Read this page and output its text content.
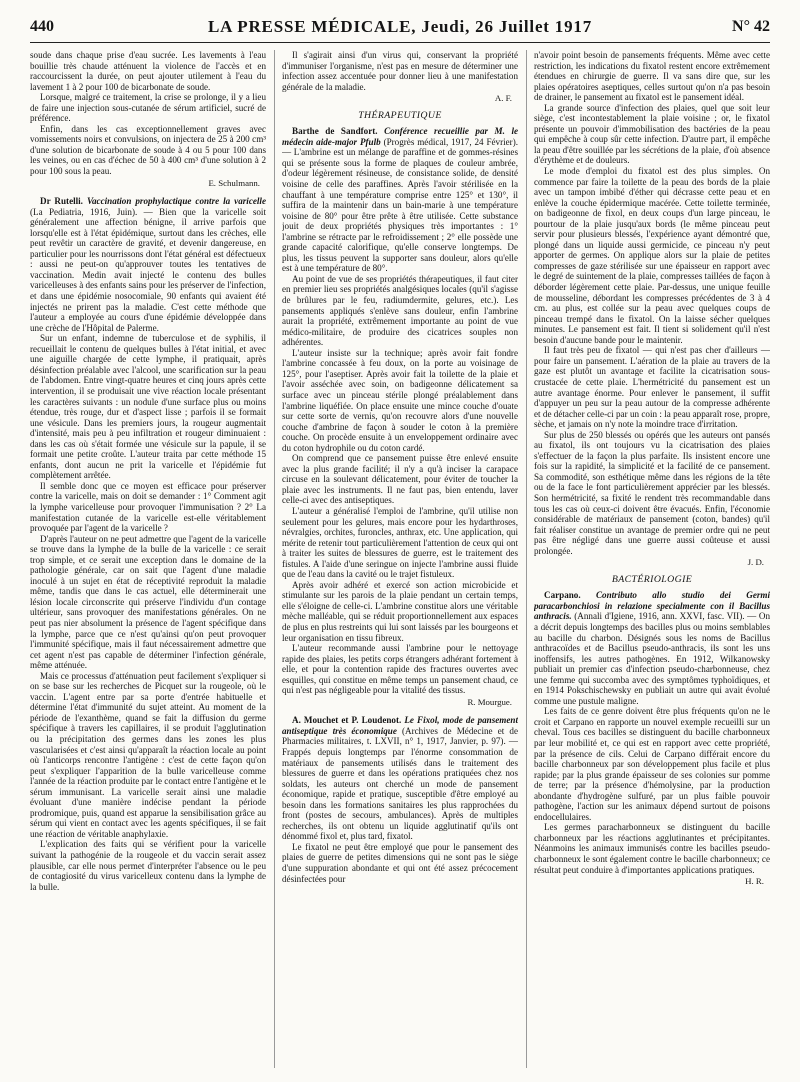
440	LA PRESSE MÉDICALE, Jeudi, 26 Juillet 1917	N° 42

soude dans chaque prise d'eau sucrée. Les lavements à l'eau bouillie très chaude atténuent la violence de l'accès et en raccourcissent la durée, on peut ajouter utilement à l'eau du lavement 1 à 2 pour 100 de bicarbonate de soude.

Lorsque, malgré ce traitement, la crise se prolonge, il y a lieu de faire une injection sous-cutanée de sérum artificiel, sucré de préférence.

Enfin, dans les cas exceptionnellement graves avec vomissements noirs et convulsions, on injectera de 25 à 200 cm³ d'une solution de bicarbonate de soude à 4 ou 5 pour 100 dans les veines, ou en cas d'échec de 50 à 400 cm³ d'une solution à 2 pour 100 sous la peau.

E. Schulmann.

Dr Rutelli. Vaccination prophylactique contre la varicelle (La Pediatria, 1916, Juin). — Bien que la varicelle soit généralement une affection bénigne, il arrive parfois que lorsqu'elle est à l'état épidémique, surtout dans les crèches, elle peut revêtir un caractère de gravité, et devenir dangereuse, en particulier pour les nourrissons dont l'état général est défectueux : aussi ne peut-on qu'approuver toutes les tentatives de vaccination. Medin avait injecté le contenu des bulles varicelleuses à des enfants sains pour les préserver de l'infection, et dans une épidémie nosocomiale, 90 enfants qui avaient été injectés ne prirent pas la maladie. C'est cette méthode que l'auteur a employée au cours d'une épidémie développée dans une crèche de l'Hôpital de Palerme.

Sur un enfant, indemne de tuberculose et de syphilis, il recueillait le contenu de quelques bulles à l'état initial, et avec une aiguille chargée de cette lymphe, il pratiquait, après désinfection préalable avec l'alcool, une scarification sur la peau de l'abdomen. Entre vingt-quatre heures et cinq jours après cette intervention, il se produisait une vive réaction locale présentant les caractères suivants : un nodule d'une surface plus ou moins étendue, très rouge, dur et d'aspect lisse ; parfois il se formait une vésicule. Dans les premiers jours, la rougeur augmentait d'intensité, mais peu à peu infiltration et rougeur diminuaient : dans les cas où s'était formée une vésicule sur la papule, il se formait une petite croûte. L'auteur traita par cette méthode 15 enfants, dont aucun ne prit la varicelle et l'épidémie fut complètement arrêtée.

Il semble donc que ce moyen est efficace pour préserver contre la varicelle, mais on doit se demander : 1° Comment agit la lymphe varicelleuse pour provoquer l'immunisation ? 2° La manifestation cutanée de la varicelle est-elle véritablement provoquée par l'agent de la varicelle ?

D'après l'auteur on ne peut admettre que l'agent de la varicelle se trouve dans la lymphe de la bulle de la varicelle : ce serait trop simple, et ce serait une exception dans le domaine de la pathologie générale, car on sait que l'agent d'une maladie inoculé à un sujet en état de réceptivité reproduit la maladie même, tandis que dans le cas actuel, elle déterminerait une lésion locale circonscrite qui préserve l'individu d'un contage ultérieur, sans provoquer des manifestations générales. On ne peut pas nier absolument la présence de l'agent spécifique dans la lymphe, parce que ce n'est qu'ainsi qu'on peut provoquer l'immunité spécifique, mais il faut nécessairement admettre que cet agent n'est pas capable de déterminer l'infection générale, même atténuée.

Mais ce processus d'atténuation peut facilement s'expliquer si on se base sur les recherches de Picquet sur la rougeole, où le vaccin. L'agent entre par sa porte d'entrée habituelle et détermine l'état d'immunité du sujet atteint. Au moment de la période de l'exanthème, quand se fait la diffusion du germe spécifique à travers les capillaires, il se produit l'agglutination ou la précipitation des germes dans les zones les plus vascularisées et c'est ainsi qu'apparaît la réaction locale au point où l'anticorps rencontre l'antigène : c'est de cette façon qu'on peut s'expliquer l'apparition de la bulle varicelleuse comme l'année de la réaction produite par le contact entre l'antigène et le sérum immunisant. La varicelle serait ainsi une maladie évoluant d'une manière indécise pendant la période prodromique, puis, quand est apparue la sensibilisation grâce au sérum qui vient en contact avec les agents spécifiques, il se fait une réaction de véritable anaphylaxie.

L'explication des faits qui se vérifient pour la varicelle suivant la pathogénie de la rougeole et du vaccin serait assez plausible, car elle nous permet d'interpréter l'absence ou le peu de contagiosité du virus varicelleux contenu dans la lymphe de la bulle.

Il s'agirait ainsi d'un virus qui, conservant la propriété d'immuniser l'organisme, n'est pas en mesure de déterminer une infection assez accentuée pour donner lieu à une manifestation générale de la maladie.

A. F.
THÉRAPEUTIQUE

Barthe de Sandfort. Conférence recueillie par M. le médecin aide-major Pfulb (Progrès médical, 1917, 24 Février). — L'ambrine est un mélange de paraffine et de gommes-résines qui se présente sous la forme de plaques de couleur ambrée, d'odeur légèrement résineuse, de consistance solide, de densité voisine de celle des paraffines. Après l'avoir stérilisée en la chauffant à une température comprise entre 125° et 130°, il suffira de la maintenir dans un bain-marie à une température voisine de 80° pour être prête à être utilisée. Cette substance jouit de deux propriétés physiques très importantes : 1° l'ambrine se rétracte par le refroidissement ; 2° elle possède une grande capacité calorifique, qu'elle conserve longtemps. De plus, les tissus peuvent la supporter sans douleur, alors qu'elle est à une température de 80°.

Au point de vue de ses propriétés thérapeutiques, il faut citer en premier lieu ses propriétés analgésiques locales (qu'il s'agisse de brûlures par le feu, radiumdermite, gelures, etc.). Les pansements appliqués s'enlève sans douleur, enfin l'ambrine aurait la propriété, extrêmement importante au point de vue médico-militaire, de produire des cicatrices souples non adhérentes.

L'auteur insiste sur la technique; après avoir fait fondre l'ambrine concassée à feu doux, on la porte au voisinage de 125°, pour l'aseptiser. Après avoir fait la toilette de la plaie et l'avoir asséchée avec soin, on badigeonne délicatement sa surface avec un pinceau stérile plongé préalablement dans l'ambrine liquéfiée. On place ensuite une mince couche d'ouate sur cette sorte de vernis, qu'on recouvre alors d'une nouvelle couche d'ambrine de façon à souder le coton à la première couche. On procède ensuite à un enveloppement ordinaire avec du coton hydrophile ou du coton cardé.

On comprend que ce pansement puisse être enlevé ensuite avec la plus grande facilité; il n'y a qu'à inciser la carapace circuse en la soulevant délicatement, pour éviter de toucher la plaie avec les instruments. Il ne faut pas, bien entendu, laver celle-ci avec des antiseptiques.

L'auteur a généralisé l'emploi de l'ambrine, qu'il utilise non seulement pour les gelures, mais encore pour les hydarthroses, névralgies, orchites, furoncles, anthrax, etc. Une application, qui mérite de retenir tout particulièrement l'attention de ceux qui ont à traiter les suites de blessures de guerre, est le traitement des fistules. A l'aide d'une seringue on injecte l'ambrine aussi fluide que de l'eau dans la cavité ou le trajet fistuleux.

Après avoir adhéré et exercé son action microbicide et stimulante sur les parois de la plaie pendant un certain temps, elle s'éloigne de celle-ci. L'ambrine constitue alors une véritable mèche malléable, qui se réduit proportionnellement aux espaces de plus en plus restreints qui lui sont laissés par les bourgeons et leur organisation en tissu fibreux.

L'auteur recommande aussi l'ambrine pour le nettoyage rapide des plaies, les petits corps étrangers adhérant fortement à elle, et pour la contention rapide des fractures ouvertes avec esquilles, qui constitue en même temps un pansement chaud, ce qui n'est pas négligeable pour la vitalité des tissus.

R. Mourgue.

A. Mouchet et P. Loudenot. Le Fixol, mode de pansement antiseptique très économique (Archives de Médecine et de Pharmacies militaires, t. LXVII, n° 1, 1917, Janvier, p. 97). — Frappés depuis longtemps par l'énorme consommation de matériaux de pansements utilisés dans le traitement des blessures de guerre et dans les opérations pratiquées chez nos soldats, les auteurs ont cherché un mode de pansement économique, rapide et pratique, susceptible d'être employé au besoin dans les formations sanitaires les plus rapprochées du front (postes de secours, ambulances). Après de multiples recherches, ils ont obtenu un liquide agglutinatif qu'ils ont dénommé fixol et, plus tard, fixatol.

Le fixatol ne peut être employé que pour le pansement des plaies de guerre de petites dimensions qui ne sont pas le siège d'une suppuration abondante et qui ont été assez précocement désinfectées pour

n'avoir point besoin de pansements fréquents. Même avec cette restriction, les indications du fixatol restent encore extrêmement étendues en chirurgie de guerre. Il va sans dire que, sur les plaies opératoires aseptiques, celles surtout qu'on n'a pas besoin de drainer, le pansement au fixatol est le pansement idéal.

La grande source d'infection des plaies, quel que soit leur siège, c'est incontestablement la plaie voisine ; or, le fixatol présente un pouvoir d'immobilisation des bactéries de la peau qui empêche à coup sûr cette infection. D'autre part, il empêche la peau d'être souillée par les sécrétions de la plaie, d'où absence d'érythème et de douleurs.

Le mode d'emploi du fixatol est des plus simples. On commence par faire la toilette de la peau des bords de la plaie avec un tampon imbibé d'éther qui décrasse cette peau et en enlève la couche épidermique macérée. Cette toilette terminée, on badigeonne de fixol, en deux coups d'un large pinceau, le pourtour de la plaie jusqu'aux bords (le même pinceau peut servir pour plusieurs blessés, l'expérience ayant démontré que, plongé dans un liquide aussi germicide, ce pinceau n'y peut apporter de germes. On applique alors sur la plaie de petites compresses de gaze stérilisée sur une épaisseur en rapport avec le degré de suintement de la plaie, compresses taillées de façon à déborder légèrement cette plaie. Par-dessus, une unique feuille de mousseline, débordant les compresses précédentes de 3 à 4 cm. au plus, est collée sur la peau avec quelques coups de pinceau trempé dans le fixatol. On la laisse sécher quelques minutes. Le pansement est fait. Il tient si solidement qu'il n'est besoin d'aucune bande pour le maintenir.

Il faut très peu de fixatol — qui n'est pas cher d'ailleurs — pour faire un pansement. L'aération de la plaie au travers de la gaze est plutôt un avantage et facilite la cicatrisation sous-crustacée de cette plaie. L'hermétricité du pansement est un autre avantage énorme. Pour enlever le pansement, il suffit d'appuyer un peu sur la peau autour de la compresse adhérente et de détacher celle-ci par un coin : la peau apparaît rose, propre, sèche, et jamais on n'y note la moindre trace d'irritation.

Sur plus de 250 blessés ou opérés que les auteurs ont pansés au fixatol, ils ont toujours vu la cicatrisation des plaies s'effectuer de la façon la plus parfaite. Ils insistent encore une fois sur la rapidité, la simplicité et la facilité de ce pansement. Sa commodité, son esthétique même dans les régions de la tête ou de la face le font particulièrement apprécier par les blessés. Son hermétricité, sa fixité le rendent très recommandable dans tous les cas où ceux-ci doivent être évacués. Enfin, l'économie considérable de matériaux de pansement (coton, bandes) qu'il fait réaliser constitue un avantage de premier ordre qui ne peut pas être négligé dans une guerre aussi coûteuse et aussi prolongée.

J. D.
BACTÉRIOLOGIE

Carpano. Contributo allo studio dei Germi paracarbonchiosi in relazione specialmente con il Bacillus anthracis. (Annali d'Igiene, 1916, ann. XXVI, fasc. VII). — On a décrit depuis longtemps des bacilles plus ou moins semblables au bacille du charbon. Désignés sous les noms de Bacillus anthracoïdes et de Bacillus pseudo-anthracis, ils sont les uns inoffensifs, les autres pathogènes. En 1912, Wilkanowsky publiait un premier cas d'infection pseudo-charbonneuse, chez une femme qui succomba avec des symptômes typhoïdiques, et en 1914 Pokschischewsky en publiait un autre qui avait évolué comme une pustule maligne.

Les faits de ce genre doivent être plus fréquents qu'on ne le croit et Carpano en rapporte un nouvel exemple recueilli sur un cheval. Tous ces bacilles se distinguent du bacille charbonneux par leur mobilité et, ce qui est en rapport avec cette propriété, par la présence de cils. Celui de Carpano différait encore du bacille charbonneux par son développement plus facile et plus rapide; par la plus grande épaisseur de ses colonies sur pomme de terre; par la présence d'hémolysine, par la production abondante d'hydrogène sulfuré, par un plus faible pouvoir pathogène, l'action sur les animaux dépend surtout de poisons endocellulaires.

Les germes paracharbonneux se distinguent du bacille charbonneux par les réactions agglutinantes et précipitantes. Néanmoins les animaux immunisés contre les bacilles pseudo-charbonneux le sont également contre le bacille charbonneux; ce résultat peut conduire à d'importantes applications pratiques.

H. R.
